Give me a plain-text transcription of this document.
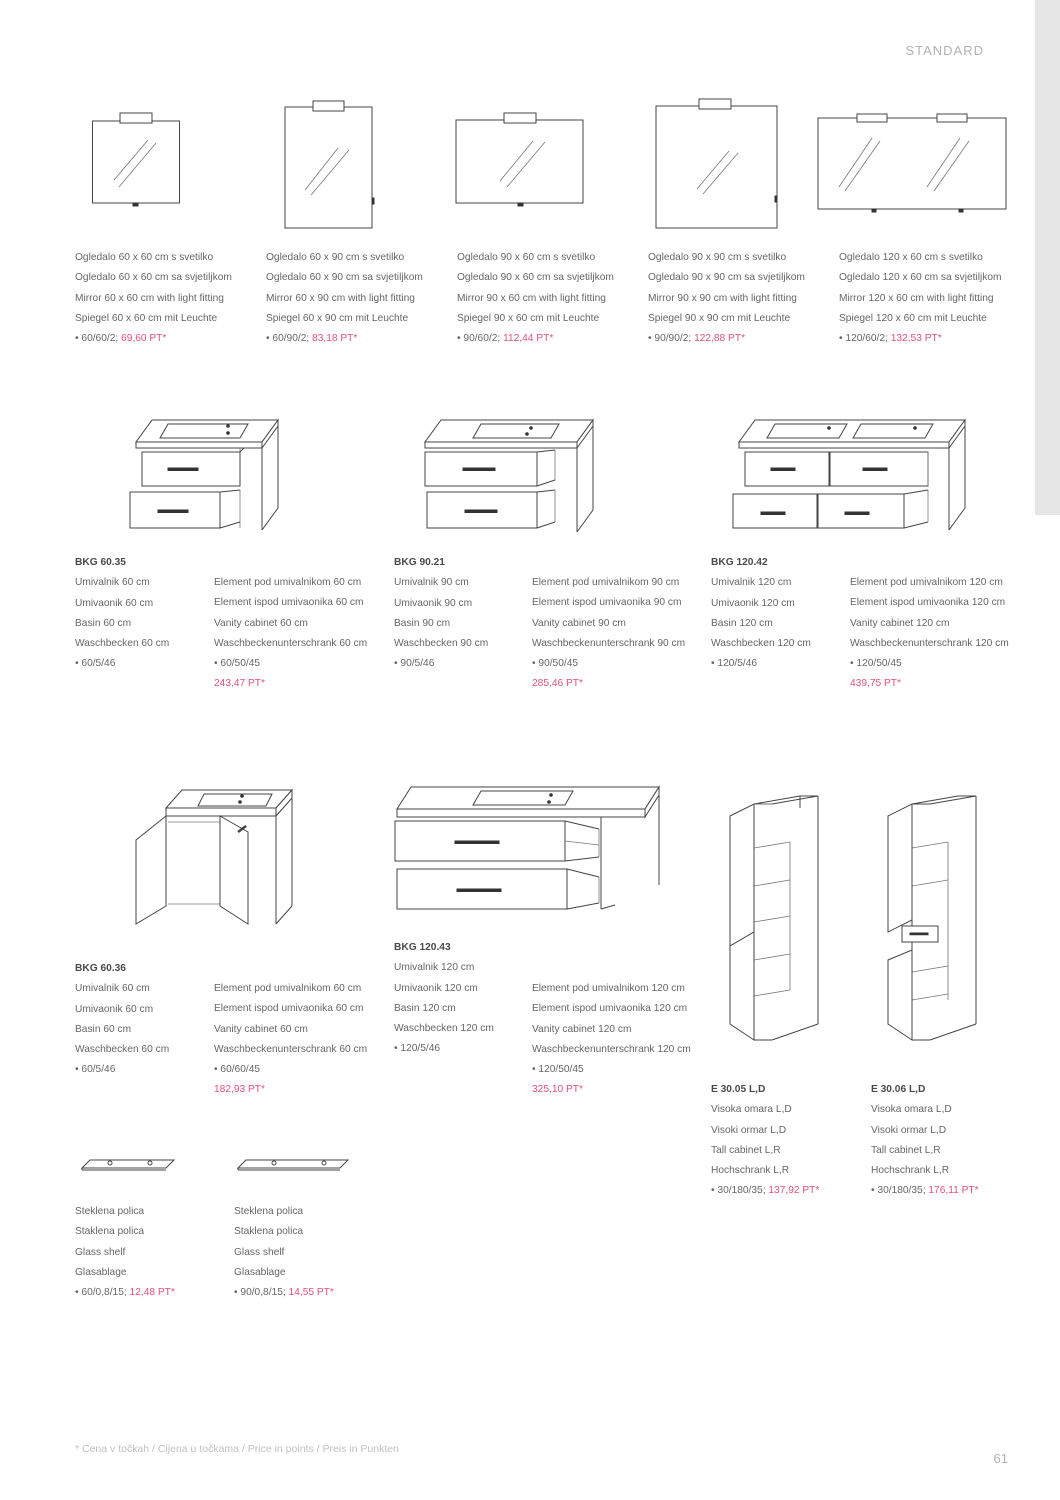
STANDARD
Ogledalo 60 x 60 cm s svetilko
Ogledalo 60 x 60 cm sa svjetiljkom
Mirror 60 x 60 cm with light fitting
Spiegel 60 x 60 cm mit Leuchte
• 60/60/2; 69,60 PT*
Ogledalo 60 x 90 cm s svetilko
Ogledalo 60 x 90 cm sa svjetiljkom
Mirror 60 x 90 cm with light fitting
Spiegel 60 x 90 cm mit Leuchte
• 60/90/2; 83,18 PT*
Ogledalo 90 x 60 cm s svetilko
Ogledalo 90 x 60 cm sa svjetiljkom
Mirror 90 x 60 cm with light fitting
Spiegel 90 x 60 cm mit Leuchte
• 90/60/2; 112,44 PT*
Ogledalo 90 x 90 cm s svetilko
Ogledalo 90 x 90 cm sa svjetiljkom
Mirror 90 x 90 cm with light fitting
Spiegel 90 x 90 cm mit Leuchte
• 90/90/2; 122,88 PT*
Ogledalo 120 x 60 cm s svetilko
Ogledalo 120 x 60 cm sa svjetiljkom
Mirror 120 x 60 cm with light fitting
Spiegel 120 x 60 cm mit Leuchte
• 120/60/2; 132,53 PT*
BKG 60.35
Umivalnik 60 cm
Umivaonik 60 cm
Basin 60 cm
Waschbecken 60 cm
• 60/5/46
Element pod umivalnikom 60 cm
Element ispod umivaonika 60 cm
Vanity cabinet 60 cm
Waschbeckenunterschrank 60 cm
• 60/50/45
243,47 PT*
BKG 90.21
Umivalnik 90 cm
Umivaonik 90 cm
Basin 90 cm
Waschbecken 90 cm
• 90/5/46
Element pod umivalnikom 90 cm
Element ispod umivaonika 90 cm
Vanity cabinet 90 cm
Waschbeckenunterschrank 90 cm
• 90/50/45
285,46 PT*
BKG 120.42
Umivalnik 120 cm
Umivaonik 120 cm
Basin 120 cm
Waschbecken 120 cm
• 120/5/46
Element pod umivalnikom 120 cm
Element ispod umivaonika 120 cm
Vanity cabinet 120 cm
Waschbeckenunterschrank 120 cm
• 120/50/45
439,75 PT*
BKG 60.36
Umivalnik 60 cm
Umivaonik 60 cm
Basin 60 cm
Waschbecken 60 cm
• 60/5/46
Element pod umivalnikom 60 cm
Element ispod umivaonika 60 cm
Vanity cabinet 60 cm
Waschbeckenunterschrank 60 cm
• 60/60/45
182,93 PT*
BKG 120.43
Umivalnik 120 cm
Umivaonik 120 cm
Basin 120 cm
Waschbecken 120 cm
• 120/5/46
Element pod umivalnikom 120 cm
Element ispod umivaonika 120 cm
Vanity cabinet 120 cm
Waschbeckenunterschrank 120 cm
• 120/50/45
325,10 PT*	E 30.05 L,D
Visoka omara L,D
Visoki ormar L,D
Tall cabinet L,R
Hochschrank L,R
• 30/180/35; 137,92 PT*
E 30.06 L,D
Visoka omara L,D
Visoki ormar L,D
Tall cabinet L,R
Hochschrank L,R
• 30/180/35; 176,11 PT*
Steklena polica
Staklena polica
Glass shelf
Glasablage
• 60/0,8/15; 12,48 PT*
Steklena polica
Staklena polica
Glass shelf
Glasablage
• 90/0,8/15; 14,55 PT*
* Cena v točkah / Cijena u točkama / Price in points / Preis in Punkten
61
